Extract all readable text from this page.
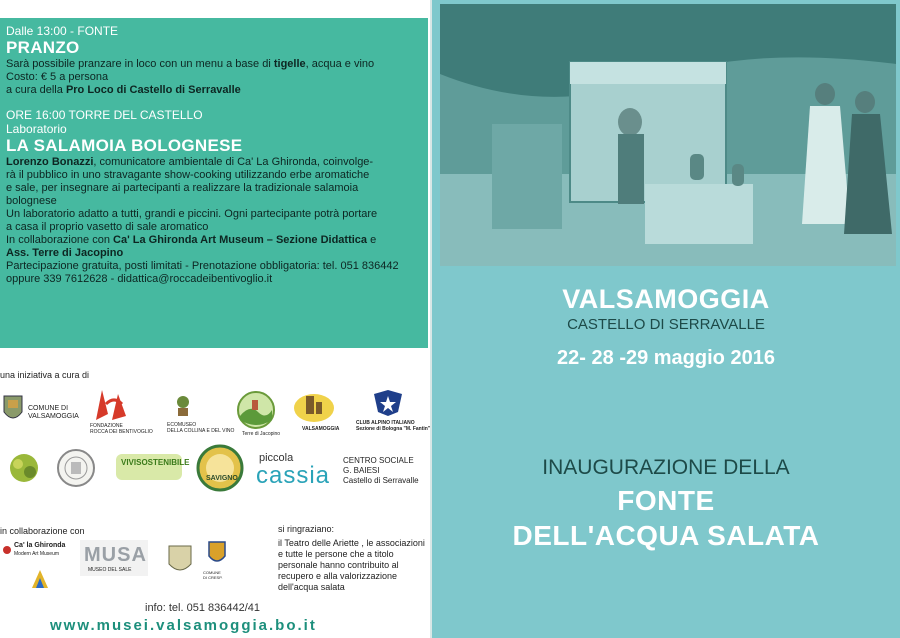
Dalle 13:00 - FONTE
PRANZO
Sarà possibile pranzare in loco con un menu a base di tigelle, acqua e vino
Costo: € 5 a persona
a cura della Pro Loco di Castello di Serravalle
ORE 16:00 TORRE DEL CASTELLO
Laboratorio
LA SALAMOIA BOLOGNESE
Lorenzo Bonazzi, comunicatore ambientale di Ca' La Ghironda, coinvolge-
rà il pubblico in uno stravagante show-cooking utilizzando erbe aromatiche
e sale, per insegnare ai partecipanti a realizzare la tradizionale salamoia
bolognese
Un laboratorio adatto a tutti, grandi e piccini. Ogni partecipante potrà portare
a casa il proprio vasetto di sale aromatico
In collaborazione con Ca' La Ghironda Art Museum – Sezione Didattica e
Ass. Terre di Jacopino
Partecipazione gratuita, posti limitati - Prenotazione obbligatoria: tel. 051 836442
oppure 339 7612628 - didattica@roccadeibentivoglio.it
una iniziativa a cura di
COMUNE DI
VALSAMOGGIA
FONDAZIONE
ROCCA DEI BENTIVOGLIO
ECOMUSEO
DELLA COLLINA E DEL VINO Terre di Jacopino
VALSAMOGGIA
CLUB ALPINO ITALIANO
Sezione di Bologna "M. Fantin"
VIVISOSTENIBILE
SAVIGNO
piccola
cassia
CENTRO SOCIALE
G. BAIESI
Castello di Serravalle
in collaborazione con
Ca' la Ghironda
Modern Art Museum MUSA
MUSEO DEL SALE	COMUNE
DI CRESP.
si ringraziano:
il Teatro delle Ariette , le associazioni e tutte le persone che a titolo personale hanno contribuito al recupero e alla valorizzazione dell'acqua salata
info: tel. 051 836442/41
www.musei.valsamoggia.bo.it
VALSAMOGGIA
CASTELLO DI SERRAVALLE
22- 28 -29 maggio 2016
INAUGURAZIONE DELLA
FONTE
DELL'ACQUA SALATA
